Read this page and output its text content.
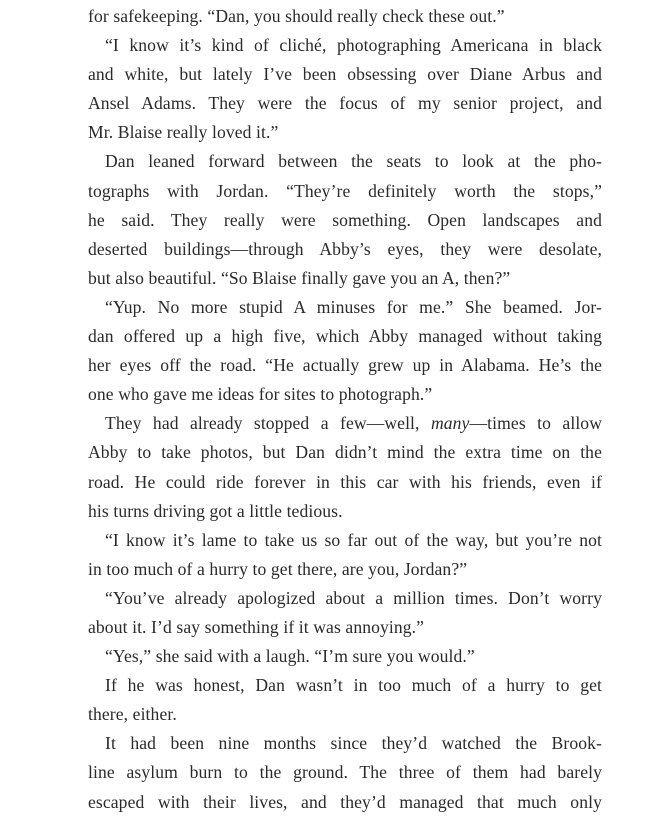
for safekeeping. “Dan, you should really check these out.”
“I know it’s kind of cliché, photographing Americana in black
and white, but lately I’ve been obsessing over Diane Arbus and
Ansel Adams. They were the focus of my senior project, and
Mr. Blaise really loved it.”
Dan leaned forward between the seats to look at the pho-
tographs with Jordan. “They’re definitely worth the stops,”
he said. They really were something. Open landscapes and
deserted buildings—through Abby’s eyes, they were desolate,
but also beautiful. “So Blaise finally gave you an A, then?”
“Yup. No more stupid A minuses for me.” She beamed. Jor-
dan offered up a high five, which Abby managed without taking
her eyes off the road. “He actually grew up in Alabama. He’s the
one who gave me ideas for sites to photograph.”
They had already stopped a few—well, many—times to allow
Abby to take photos, but Dan didn’t mind the extra time on the
road. He could ride forever in this car with his friends, even if
his turns driving got a little tedious.
“I know it’s lame to take us so far out of the way, but you’re not
in too much of a hurry to get there, are you, Jordan?”
“You’ve already apologized about a million times. Don’t worry
about it. I’d say something if it was annoying.”
“Yes,” she said with a laugh. “I’m sure you would.”
If he was honest, Dan wasn’t in too much of a hurry to get
there, either.
It had been nine months since they’d watched the Brook-
line asylum burn to the ground. The three of them had barely
escaped with their lives, and they’d managed that much only
